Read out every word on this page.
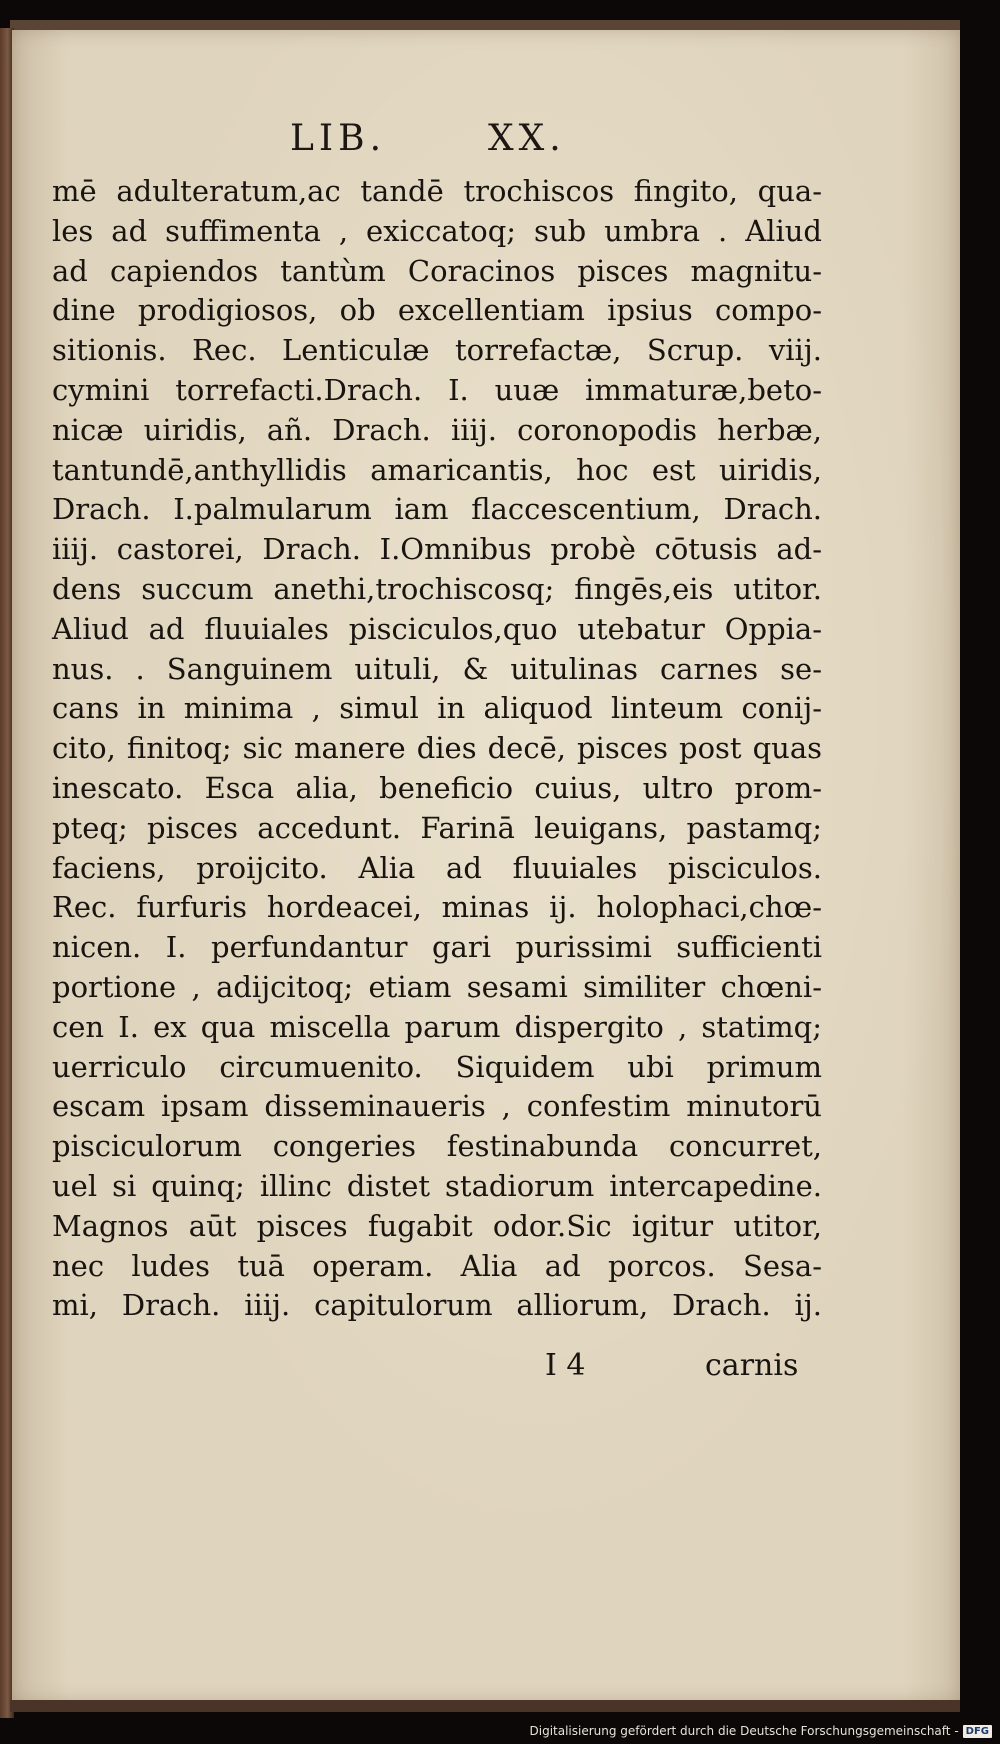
LIB.	XX.
mē adulteratum,ac tandē trochiscos fingito, qua-
les ad suffimenta , exiccatoq; sub umbra . Aliud
ad capiendos tantùm Coracinos pisces magnitu-
dine prodigiosos, ob excellentiam ipsius compo-
sitionis. Rec. Lenticulæ torrefactæ, Scrup. viij.
cymini torrefacti.Drach. I. uuæ immaturæ,beto-
nicæ uiridis, añ. Drach. iiij. coronopodis herbæ,
tantundē,anthyllidis amaricantis, hoc est uiridis,
Drach. I.palmularum iam flaccescentium, Drach.
iiij. castorei, Drach. I.Omnibus probè cōtusis ad-
dens succum anethi,trochiscosq; fingēs,eis utitor.
Aliud ad fluuiales pisciculos,quo utebatur Oppia-
nus. . Sanguinem uituli, & uitulinas carnes se-
cans in minima , simul in aliquod linteum conij-
cito, finitoq; sic manere dies decē, pisces post quas
inescato. Esca alia, beneficio cuius, ultro prom-
pteq; pisces accedunt. Farinā leuigans, pastamq;
faciens, proijcito. Alia ad fluuiales pisciculos.
Rec. furfuris hordeacei, minas ij. holophaci,chœ-
nicen. I. perfundantur gari purissimi sufficienti
portione , adijcitoq; etiam sesami similiter chœni-
cen I. ex qua miscella parum dispergito , statimq;
uerriculo circumuenito. Siquidem ubi primum
escam ipsam disseminaueris , confestim minutorū
pisciculorum congeries festinabunda concurret,
uel si quinq; illinc distet stadiorum intercapedine.
Magnos aūt pisces fugabit odor.Sic igitur utitor,
nec ludes tuā operam. Alia ad porcos. Sesa-
mi, Drach. iiij. capitulorum alliorum, Drach. ij.
I 4	carnis
Digitalisierung gefördert durch die Deutsche Forschungsgemeinschaft - DFG
